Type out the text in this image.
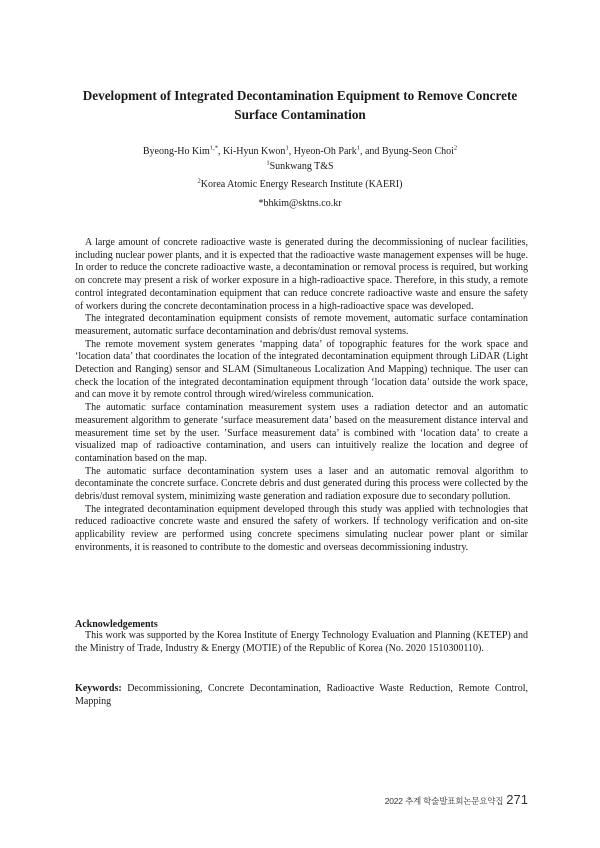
Development of Integrated Decontamination Equipment to Remove Concrete
Surface Contamination
Byeong-Ho Kim$^{1,*}$, Ki-Hyun Kwon$^1$, Hyeon-Oh Park$^1$, and Byung-Seon Choi$^2$
$^1$Sunkwang T&S
$^2$Korea Atomic Energy Research Institute (KAERI)
*bhkim@sktns.co.kr

A large amount of concrete radioactive waste is generated during the decommissioning of nuclear facilities, including nuclear power plants, and it is expected that the radioactive waste management expenses will be huge. In order to reduce the concrete radioactive waste, a decontamination or removal process is required, but working on concrete may present a risk of worker exposure in a high-radioactive space. Therefore, in this study, a remote control integrated decontamination equipment that can reduce concrete radioactive waste and ensure the safety of workers during the concrete decontamination process in a high-radioactive space was developed.

The integrated decontamination equipment consists of remote movement, automatic surface contamination measurement, automatic surface decontamination and debris/dust removal systems.

The remote movement system generates ‘mapping data’ of topographic features for the work space and ‘location data’ that coordinates the location of the integrated decontamination equipment through LiDAR (Light Detection and Ranging) sensor and SLAM (Simultaneous Localization And Mapping) technique. The user can check the location of the integrated decontamination equipment through ‘location data’ outside the work space, and can move it by remote control through wired/wireless communication.

The automatic surface contamination measurement system uses a radiation detector and an automatic measurement algorithm to generate ‘surface measurement data’ based on the measurement distance interval and measurement time set by the user. ’Surface measurement data’ is combined with ‘location data’ to create a visualized map of radioactive contamination, and users can intuitively realize the location and degree of contamination based on the map.

The automatic surface decontamination system uses a laser and an automatic removal algorithm to decontaminate the concrete surface. Concrete debris and dust generated during this process were collected by the debris/dust removal system, minimizing waste generation and radiation exposure due to secondary pollution.

The integrated decontamination equipment developed through this study was applied with technologies that reduced radioactive concrete waste and ensured the safety of workers. If technology verification and on-site applicability review are performed using concrete specimens simulating nuclear power plant or similar environments, it is reasoned to contribute to the domestic and overseas decommissioning industry.

Acknowledgements

This work was supported by the Korea Institute of Energy Technology Evaluation and Planning (KETEP) and the Ministry of Trade, Industry & Energy (MOTIE) of the Republic of Korea (No. 2020 1510300110).

Keywords: Decommissioning, Concrete Decontamination, Radioactive Waste Reduction, Remote Control, Mapping

2022 추계 학술발표회논문요약집 271
